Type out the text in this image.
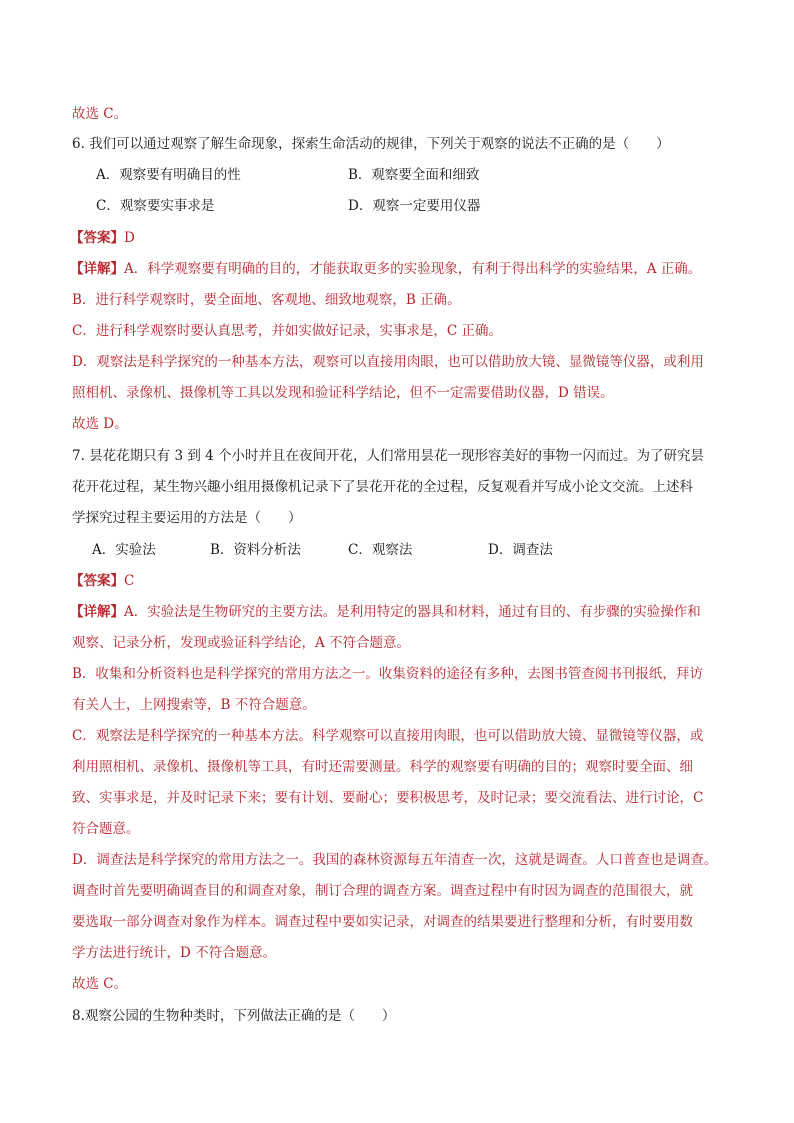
故选 C。
6. 我们可以通过观察了解生命现象，探索生命活动的规律，下列关于观察的说法不正确的是（　　）
A．观察要有明确目的性	B．观察要全面和细致
C．观察要实事求是	D．观察一定要用仪器
【答案】D
【详解】A．科学观察要有明确的目的，才能获取更多的实验现象，有利于得出科学的实验结果，A 正确。
B．进行科学观察时，要全面地、客观地、细致地观察，B 正确。
C．进行科学观察时要认真思考，并如实做好记录，实事求是，C 正确。
D．观察法是科学探究的一种基本方法，观察可以直接用肉眼，也可以借助放大镜、显微镜等仪器，或利用
照相机、录像机、摄像机等工具以发现和验证科学结论，但不一定需要借助仪器，D 错误。
故选 D。
7. 昙花花期只有 3 到 4 个小时并且在夜间开花，人们常用昙花一现形容美好的事物一闪而过。为了研究昙
花开花过程，某生物兴趣小组用摄像机记录下了昙花开花的全过程，反复观看并写成小论文交流。上述科
学探究过程主要运用的方法是（　　）
A．实验法	B．资料分析法	C．观察法	D．调查法
【答案】C
【详解】A．实验法是生物研究的主要方法。是利用特定的器具和材料，通过有目的、有步骤的实验操作和
观察、记录分析，发现或验证科学结论，A 不符合题意。
B．收集和分析资料也是科学探究的常用方法之一。收集资料的途径有多种，去图书管查阅书刊报纸，拜访
有关人士，上网搜索等，B 不符合题意。
C．观察法是科学探究的一种基本方法。科学观察可以直接用肉眼，也可以借助放大镜、显微镜等仪器，或
利用照相机、录像机、摄像机等工具，有时还需要测量。科学的观察要有明确的目的；观察时要全面、细
致、实事求是，并及时记录下来；要有计划、要耐心；要积极思考，及时记录；要交流看法、进行讨论，C
符合题意。
D．调查法是科学探究的常用方法之一。我国的森林资源每五年清查一次，这就是调查。人口普查也是调查。
调查时首先要明确调查目的和调查对象，制订合理的调查方案。调查过程中有时因为调查的范围很大，就
要选取一部分调查对象作为样本。调查过程中要如实记录，对调查的结果要进行整理和分析，有时要用数
学方法进行统计，D 不符合题意。
故选 C。
8.观察公园的生物种类时，下列做法正确的是（　　）
